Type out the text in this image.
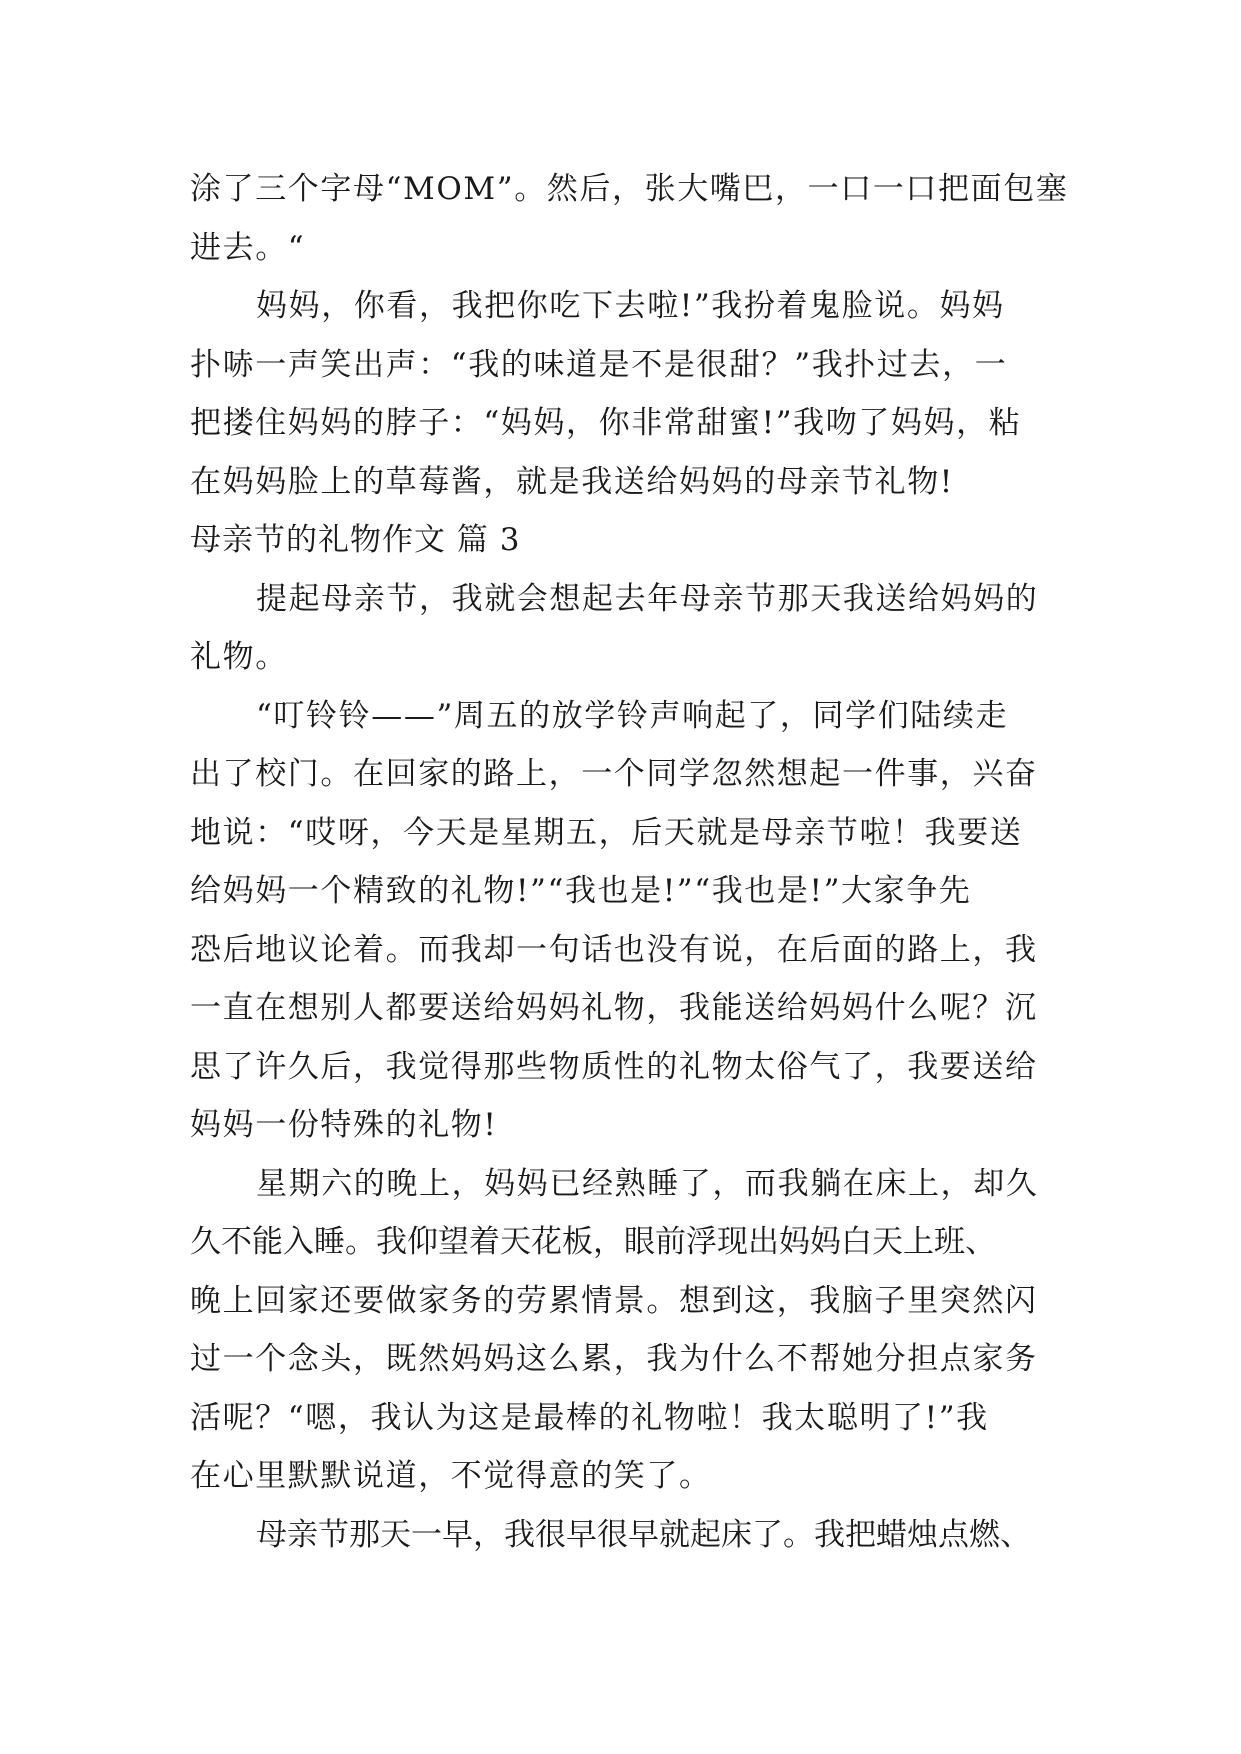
涂了三个字母“MOM”。然后，张大嘴巴，一口一口把面包塞
进去。“
妈妈，你看，我把你吃下去啦!”我扮着鬼脸说。妈妈
扑哧一声笑出声：“我的味道是不是很甜？”我扑过去，一
把搂住妈妈的脖子：“妈妈，你非常甜蜜!”我吻了妈妈，粘
在妈妈脸上的草莓酱，就是我送给妈妈的母亲节礼物!
母亲节的礼物作文 篇 3
提起母亲节，我就会想起去年母亲节那天我送给妈妈的
礼物。
“叮铃铃——”周五的放学铃声响起了，同学们陆续走
出了校门。在回家的路上，一个同学忽然想起一件事，兴奋
地说：“哎呀，今天是星期五，后天就是母亲节啦！我要送
给妈妈一个精致的礼物!”“我也是!”“我也是!”大家争先
恐后地议论着。而我却一句话也没有说，在后面的路上，我
一直在想别人都要送给妈妈礼物，我能送给妈妈什么呢？沉
思了许久后，我觉得那些物质性的礼物太俗气了，我要送给
妈妈一份特殊的礼物!
星期六的晚上，妈妈已经熟睡了，而我躺在床上，却久
久不能入睡。我仰望着天花板，眼前浮现出妈妈白天上班、
晚上回家还要做家务的劳累情景。想到这，我脑子里突然闪
过一个念头，既然妈妈这么累，我为什么不帮她分担点家务
活呢？“嗯，我认为这是最棒的礼物啦！我太聪明了!”我
在心里默默说道，不觉得意的笑了。
母亲节那天一早，我很早很早就起床了。我把蜡烛点燃、
